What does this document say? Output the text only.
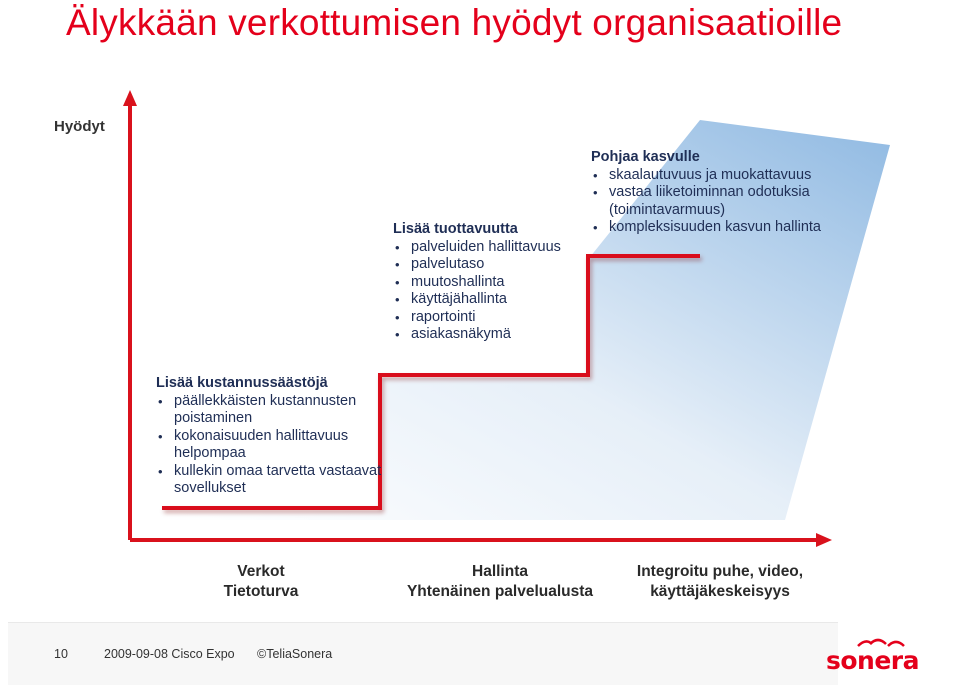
Älykkään verkottumisen hyödyt organisaatioille
Hyödyt
Lisää kustannussäästöjä
• päällekkäisten kustannusten poistaminen
• kokonaisuuden hallittavuus helpompaa
• kullekin omaa tarvetta vastaavat sovellukset
Lisää tuottavuutta
• palveluiden hallittavuus
• palvelutaso
• muutoshallinta
• käyttäjähallinta
• raportointi
• asiakasnäkymä
Pohjaa kasvulle
• skaalautuvuus ja muokattavuus
• vastaa liiketoiminnan odotuksia (toimintavarmuus)
• kompleksisuuden kasvun hallinta
Verkot
Tietoturva
Hallinta
Yhtenäinen palvelualusta
Integroitu puhe, video,
käyttäjäkeskeisyys
10	2009-09-08 Cisco Expo ©TeliaSonera	sonera
